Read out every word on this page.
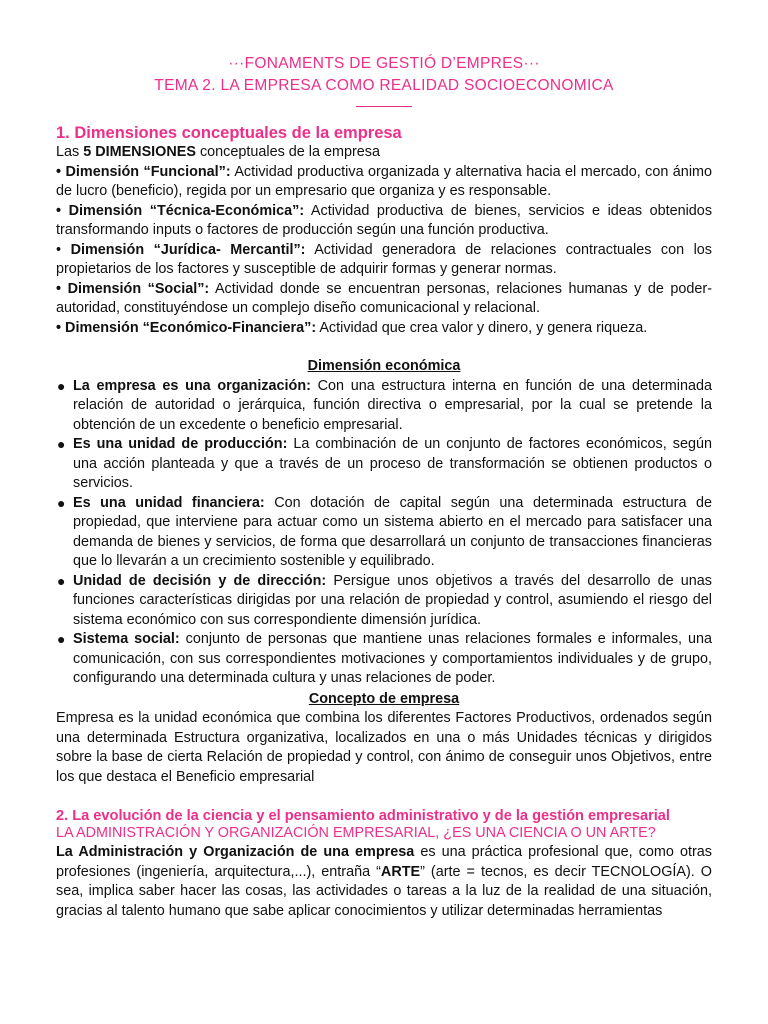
···FONAMENTS DE GESTIÓ D’EMPRES···
TEMA 2. LA EMPRESA COMO REALIDAD SOCIOECONOMICA
1. Dimensiones conceptuales de la empresa

Las 5 DIMENSIONES conceptuales de la empresa

• Dimensión “Funcional”: Actividad productiva organizada y alternativa hacia el mercado, con ánimo de lucro (beneficio), regida por un empresario que organiza y es responsable.

• Dimensión “Técnica-Económica”: Actividad productiva de bienes, servicios e ideas obtenidos transformando inputs o factores de producción según una función productiva.

• Dimensión “Jurídica- Mercantil”: Actividad generadora de relaciones contractuales con los propietarios de los factores y susceptible de adquirir formas y generar normas.

• Dimensión “Social”: Actividad donde se encuentran personas, relaciones humanas y de poder-autoridad, constituyéndose un complejo diseño comunicacional y relacional.

• Dimensión “Económico-Financiera”: Actividad que crea valor y dinero, y genera riqueza.

Dimensión económica
● La empresa es una organización: Con una estructura interna en función de una determinada relación de autoridad o jerárquica, función directiva o empresarial, por la cual se pretende la obtención de un excedente o beneficio empresarial.
● Es una unidad de producción: La combinación de un conjunto de factores económicos, según una acción planteada y que a través de un proceso de transformación se obtienen productos o servicios.
● Es una unidad financiera: Con dotación de capital según una determinada estructura de propiedad, que interviene para actuar como un sistema abierto en el mercado para satisfacer una demanda de bienes y servicios, de forma que desarrollará un conjunto de transacciones financieras que lo llevarán a un crecimiento sostenible y equilibrado.
● Unidad de decisión y de dirección: Persigue unos objetivos a través del desarrollo de unas funciones características dirigidas por una relación de propiedad y control, asumiendo el riesgo del sistema económico con sus correspondiente dimensión jurídica.
● Sistema social: conjunto de personas que mantiene unas relaciones formales e informales, una comunicación, con sus correspondientes motivaciones y comportamientos individuales y de grupo, configurando una determinada cultura y unas relaciones de poder.
Concepto de empresa

Empresa es la unidad económica que combina los diferentes Factores Productivos, ordenados según una determinada Estructura organizativa, localizados en una o más Unidades técnicas y dirigidos sobre la base de cierta Relación de propiedad y control, con ánimo de conseguir unos Objetivos, entre los que destaca el Beneficio empresarial

2. La evolución de la ciencia y el pensamiento administrativo y de la gestión empresarial
LA ADMINISTRACIÓN Y ORGANIZACIÓN EMPRESARIAL, ¿ES UNA CIENCIA O UN ARTE?

La Administración y Organización de una empresa es una práctica profesional que, como otras profesiones (ingeniería, arquitectura,...), entraña “ARTE” (arte = tecnos, es decir TECNOLOGÍA). O sea, implica saber hacer las cosas, las actividades o tareas a la luz de la realidad de una situación, gracias al talento humano que sabe aplicar conocimientos y utilizar determinadas herramientas
